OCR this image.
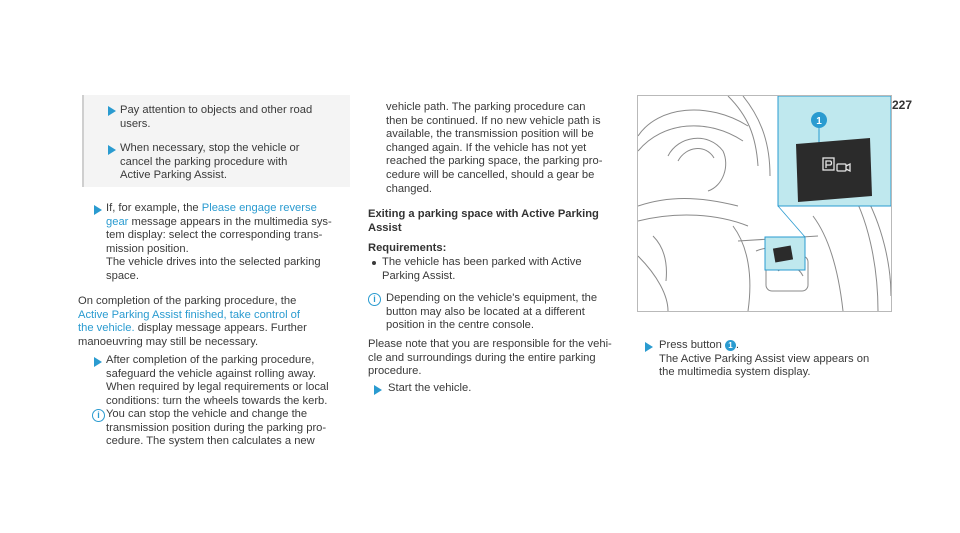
227

Pay attention to objects and other road
users.

When necessary, stop the vehicle or
cancel the parking procedure with
Active Parking Assist.

If, for example, the Please engage reverse
gear message appears in the multimedia sys-
tem display: select the corresponding trans-
mission position.
The vehicle drives into the selected parking
space.

On completion of the parking procedure, the
Active Parking Assist finished, take control of
the vehicle. display message appears. Further
manoeuvring may still be necessary.

After completion of the parking procedure,
safeguard the vehicle against rolling away.
When required by legal requirements or local
conditions: turn the wheels towards the kerb.

i You can stop the vehicle and change the
transmission position during the parking pro-
cedure. The system then calculates a new

vehicle path. The parking procedure can
then be continued. If no new vehicle path is
available, the transmission position will be
changed again. If the vehicle has not yet
reached the parking space, the parking pro-
cedure will be cancelled, should a gear be
changed.

Exiting a parking space with Active Parking
Assist

Requirements:

The vehicle has been parked with Active
Parking Assist.

i Depending on the vehicle's equipment, the
button may also be located at a different
position in the centre console.

Please note that you are responsible for the vehi-
cle and surroundings during the entire parking
procedure.

Start the vehicle.

1

Press button 1 .
The Active Parking Assist view appears on
the multimedia system display.
